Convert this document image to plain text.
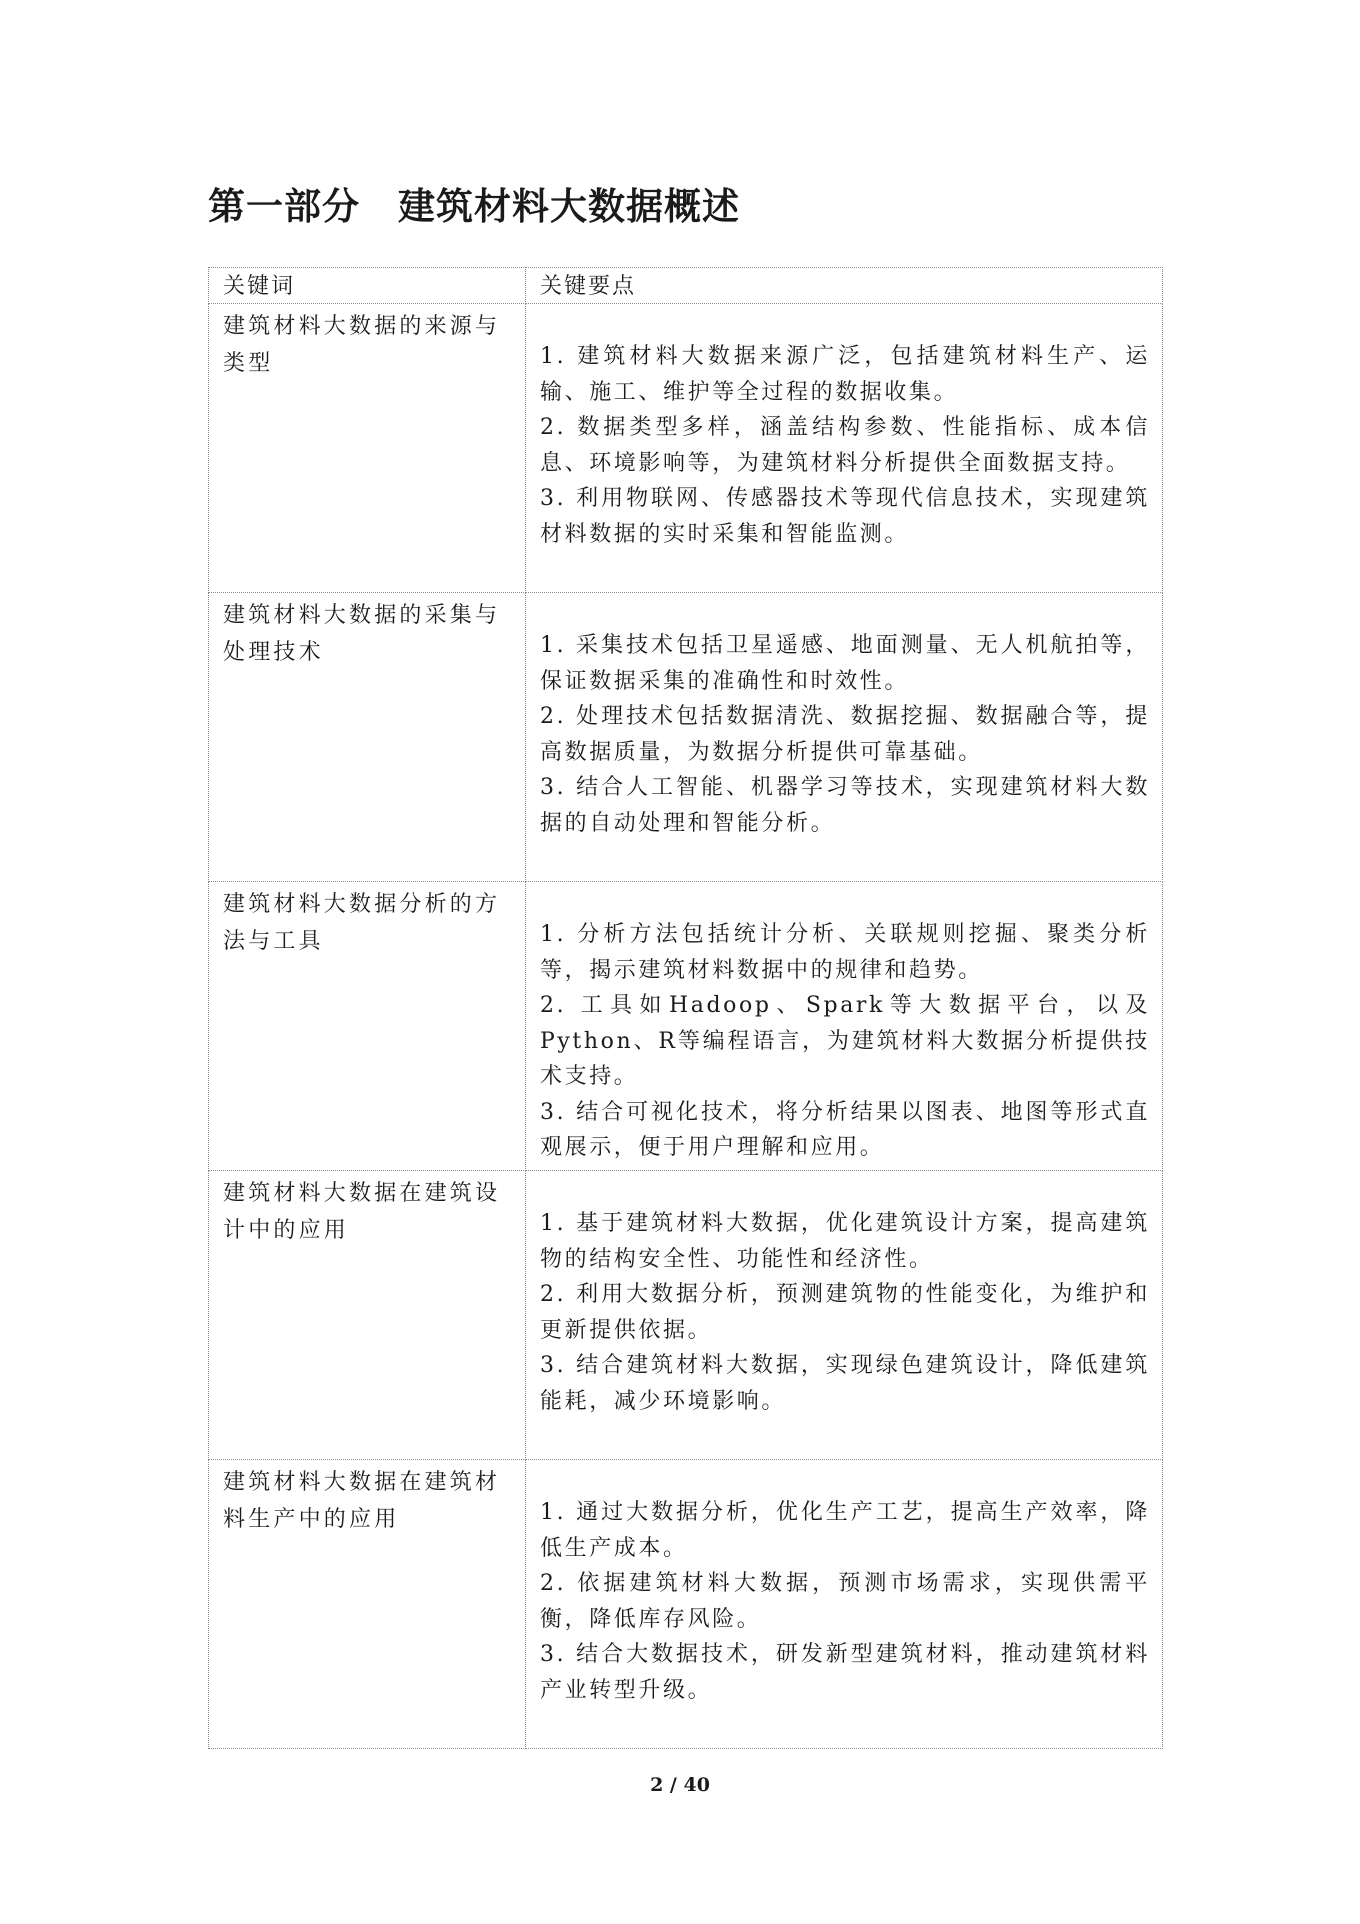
第一部分 建筑材料大数据概述
关键词	关键要点
建筑材料大数据的来源与类型	1. 建筑材料大数据来源广泛，包括建筑材料生产、运输、施工、维护等全过程的数据收集。

2. 数据类型多样，涵盖结构参数、性能指标、成本信息、环境影响等，为建筑材料分析提供全面数据支持。

3. 利用物联网、传感器技术等现代信息技术，实现建筑材料数据的实时采集和智能监测。

建筑材料大数据的采集与处理技术	1. 采集技术包括卫星遥感、地面测量、无人机航拍等，保证数据采集的准确性和时效性。

2. 处理技术包括数据清洗、数据挖掘、数据融合等，提高数据质量，为数据分析提供可靠基础。

3. 结合人工智能、机器学习等技术，实现建筑材料大数据的自动处理和智能分析。

建筑材料大数据分析的方法与工具	1. 分析方法包括统计分析、关联规则挖掘、聚类分析等，揭示建筑材料数据中的规律和趋势。

2. 工具如Hadoop、Spark等大数据平台，以及Python、R等编程语言，为建筑材料大数据分析提供技术支持。

3. 结合可视化技术，将分析结果以图表、地图等形式直观展示，便于用户理解和应用。

建筑材料大数据在建筑设计中的应用	1. 基于建筑材料大数据，优化建筑设计方案，提高建筑物的结构安全性、功能性和经济性。

2. 利用大数据分析，预测建筑物的性能变化，为维护和更新提供依据。

3. 结合建筑材料大数据，实现绿色建筑设计，降低建筑能耗，减少环境影响。

建筑材料大数据在建筑材料生产中的应用	1. 通过大数据分析，优化生产工艺，提高生产效率，降低生产成本。

2. 依据建筑材料大数据，预测市场需求，实现供需平衡，降低库存风险。

3. 结合大数据技术，研发新型建筑材料，推动建筑材料产业转型升级。

2 / 40
